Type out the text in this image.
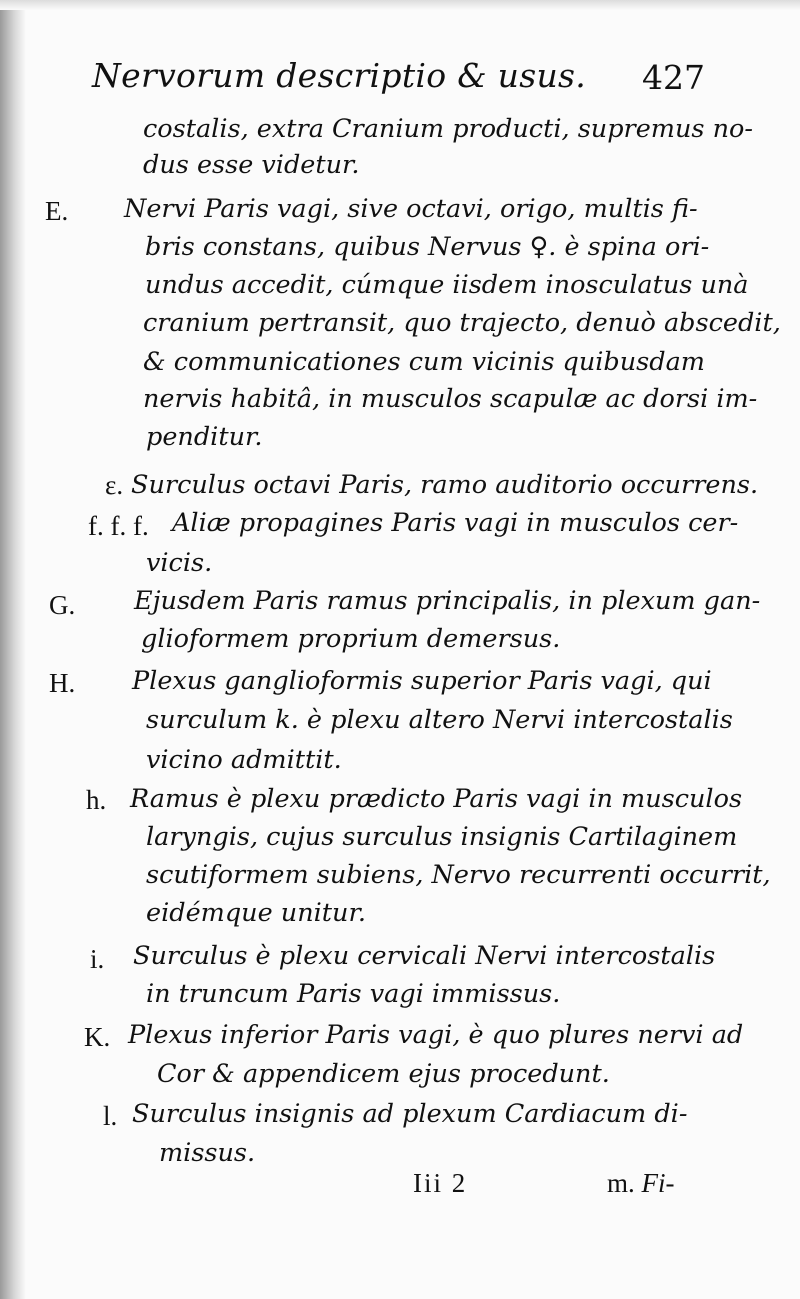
Nervorum descriptio & usus. 427
costalis, extra Cranium producti, supremus no-
dus esse videtur.
E. Nervi Paris vagi, sive octavi, origo, multis fi-
bris constans, quibus Nervus ♀. è spina ori-
undus accedit, cúmque iisdem inosculatus unà
cranium pertransit, quo trajecto, denuò abscedit,
& communicationes cum vicinis quibusdam
nervis habitâ, in musculos scapulæ ac dorsi im-
penditur.
ε. Surculus octavi Paris, ramo auditorio occurrens.
f. f. f. Aliæ propagines Paris vagi in musculos cer-
vicis.
G. Ejusdem Paris ramus principalis, in plexum gan-
glioformem proprium demersus.
H. Plexus ganglioformis superior Paris vagi, qui
surculum k. è plexu altero Nervi intercostalis
vicino admittit.
h. Ramus è plexu prædicto Paris vagi in musculos
laryngis, cujus surculus insignis Cartilaginem
scutiformem subiens, Nervo recurrenti occurrit,
eidémque unitur.
i. Surculus è plexu cervicali Nervi intercostalis
in truncum Paris vagi immissus.
K. Plexus inferior Paris vagi, è quo plures nervi ad
Cor & appendicem ejus procedunt.
l. Surculus insignis ad plexum Cardiacum di-
missus.
Iii 2	m. Fi-
